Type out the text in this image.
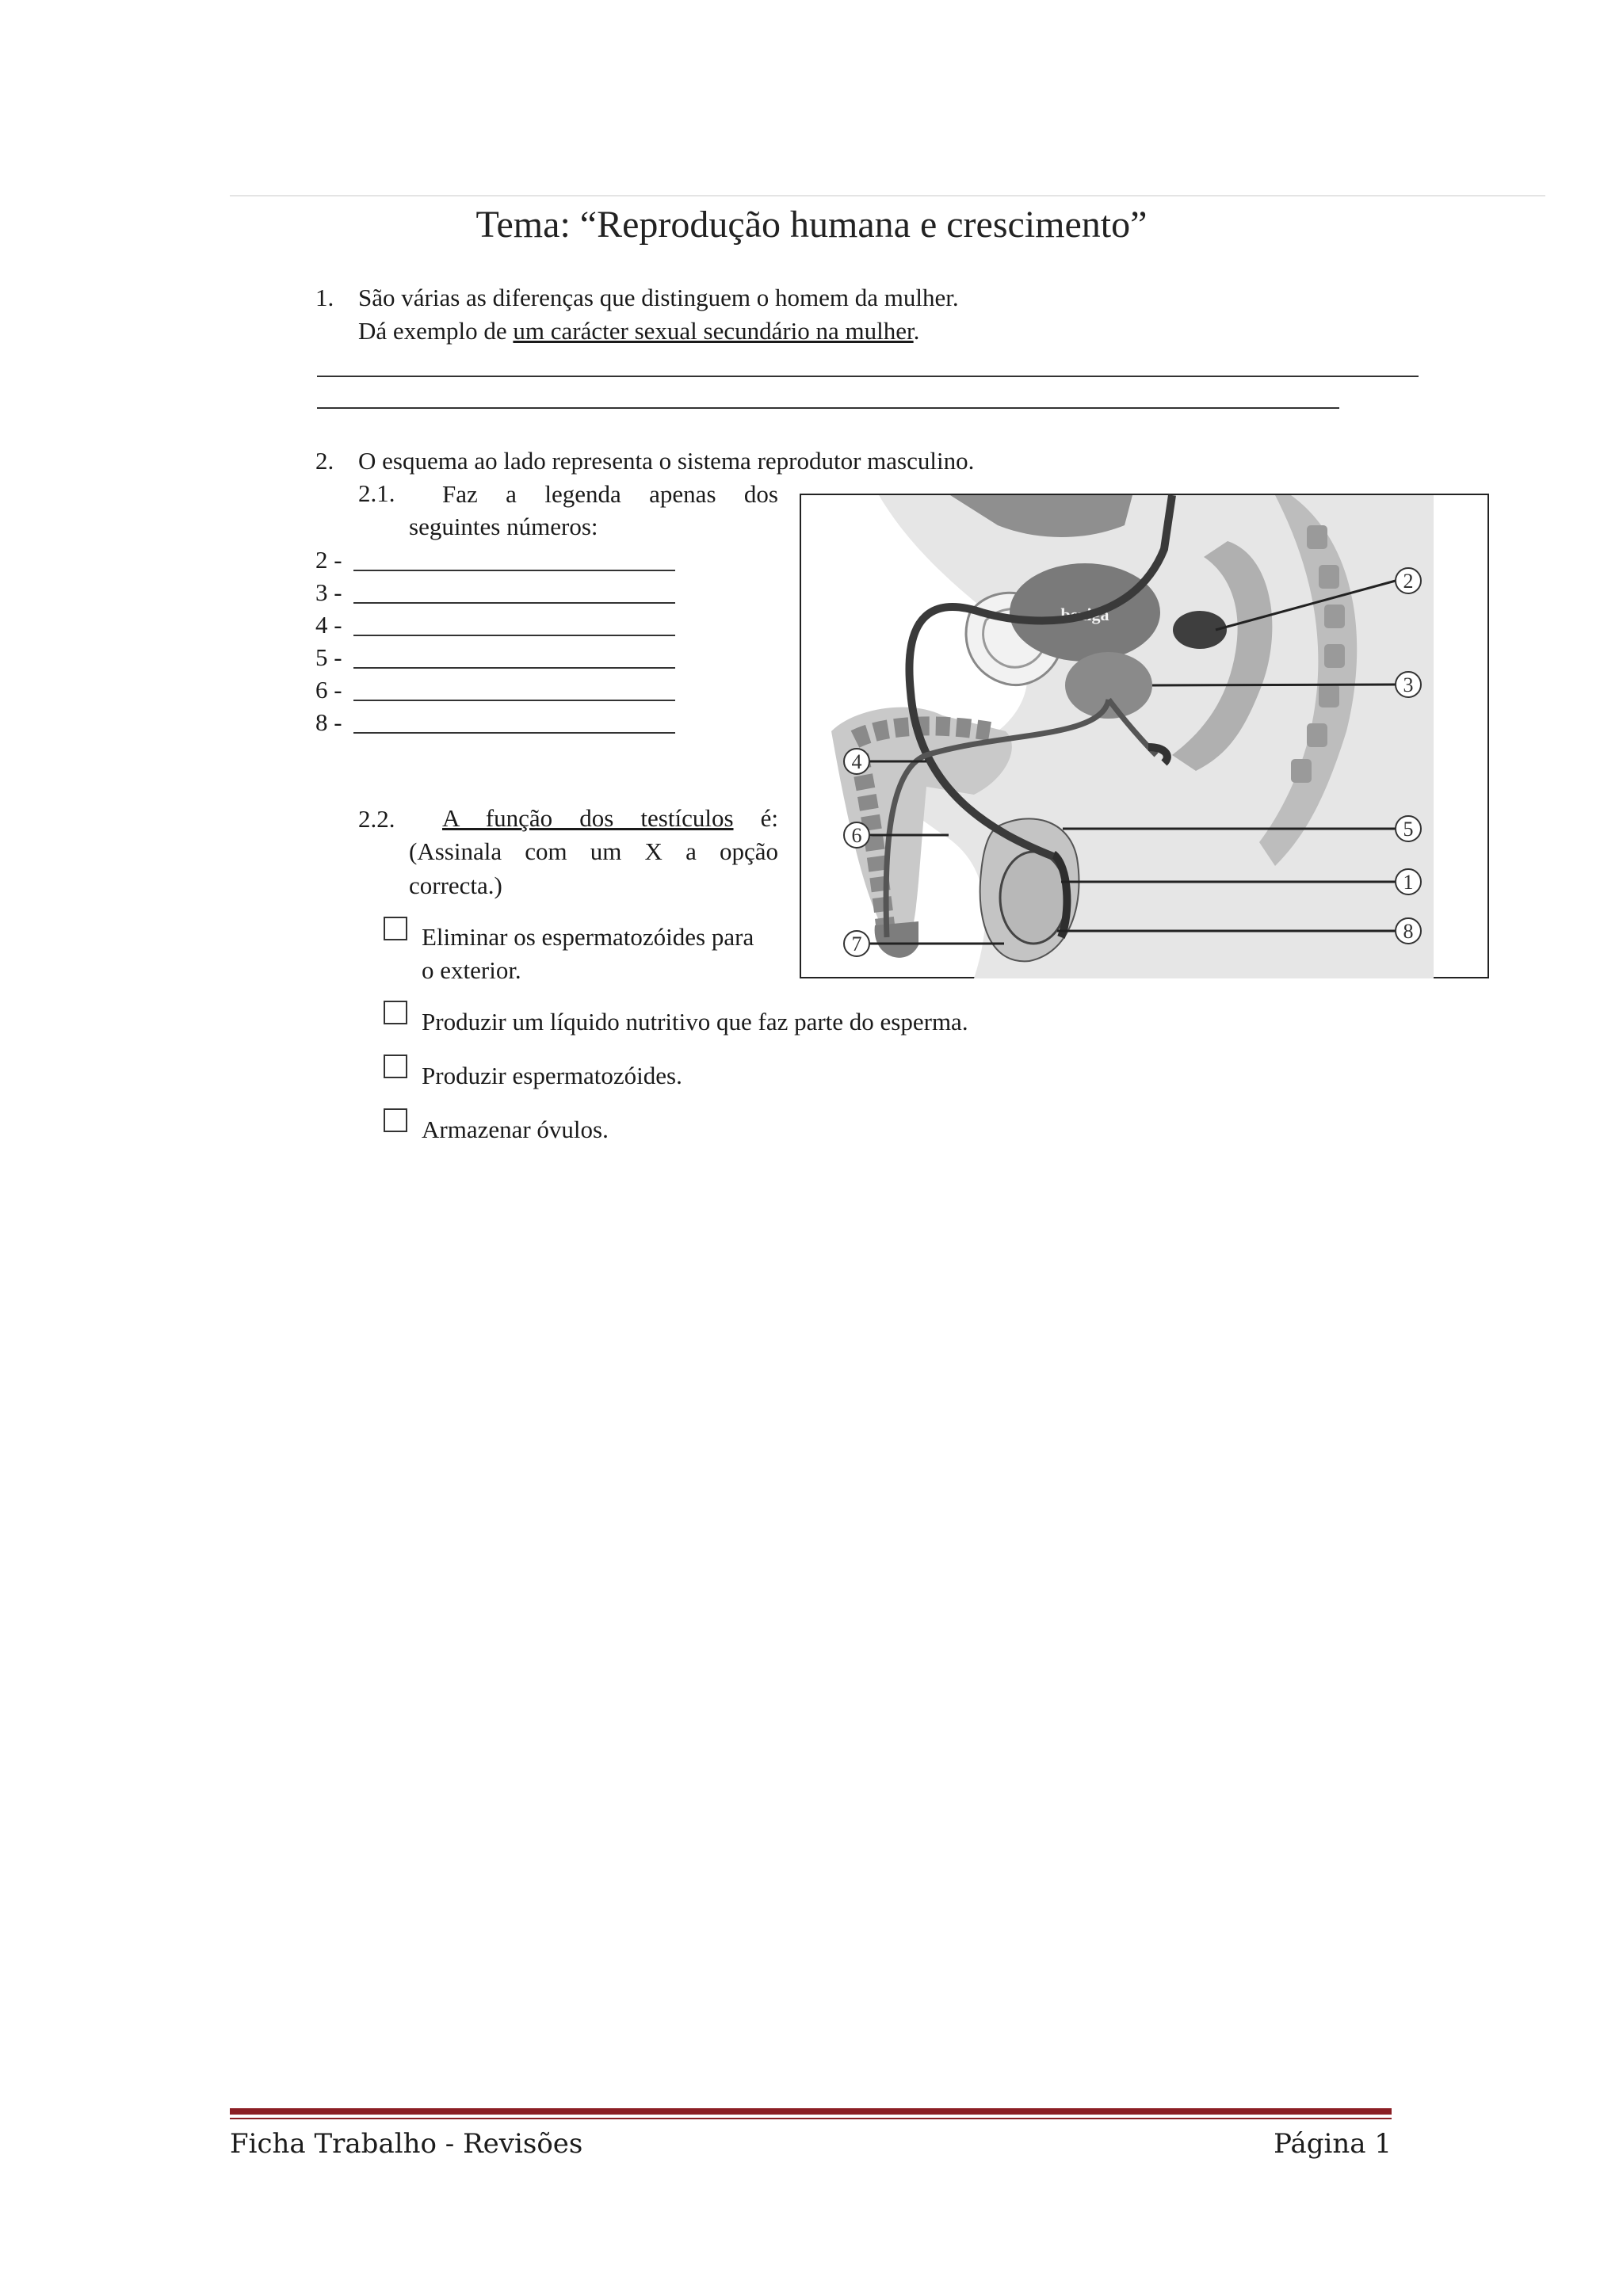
Tema: “Reprodução humana e crescimento”
1. São várias as diferenças que distinguem o homem da mulher.
Dá exemplo de um carácter sexual secundário na mulher.
2. O esquema ao lado representa o sistema reprodutor masculino.
2.1. Faz a legenda apenas dos
seguintes números:
2 -
3 -
4 -
5 -
6 -
8 -
2.2. A função dos testículos é:
(Assinala com um X a opção
correcta.)
Eliminar os espermatozóides para
o exterior.
Produzir um líquido nutritivo que faz parte do esperma.
Produzir espermatozóides.
Armazenar óvulos.
bexiga
2
3
4
5
6
1
7
8
Ficha Trabalho - Revisões	Página 1
